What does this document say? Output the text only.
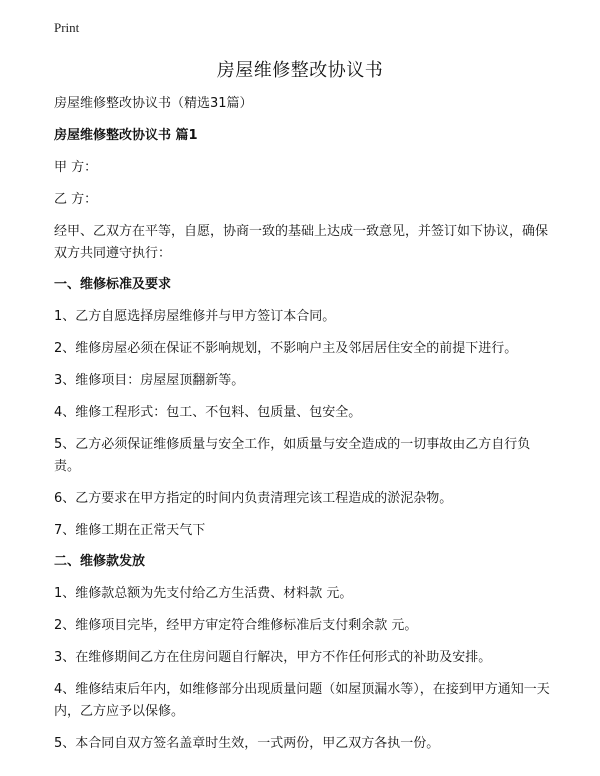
Print
房屋维修整改协议书

房屋维修整改协议书（精选31篇）

房屋维修整改协议书 篇1

甲 方：

乙 方：

经甲、乙双方在平等，自愿，协商一致的基础上达成一致意见，并签订如下协议，确保双方共同遵守执行：

一、维修标准及要求

1、乙方自愿选择房屋维修并与甲方签订本合同。

2、维修房屋必须在保证不影响规划，不影响户主及邻居居住安全的前提下进行。

3、维修项目：房屋屋顶翻新等。

4、维修工程形式：包工、不包料、包质量、包安全。

5、乙方必须保证维修质量与安全工作，如质量与安全造成的一切事故由乙方自行负责。

6、乙方要求在甲方指定的时间内负责清理完该工程造成的淤泥杂物。

7、维修工期在正常天气下

二、维修款发放

1、维修款总额为先支付给乙方生活费、材料款 元。

2、维修项目完毕，经甲方审定符合维修标准后支付剩余款 元。

3、在维修期间乙方在住房问题自行解决，甲方不作任何形式的补助及安排。

4、维修结束后年内，如维修部分出现质量问题（如屋顶漏水等），在接到甲方通知一天内，乙方应予以保修。

5、本合同自双方签名盖章时生效，一式两份，甲乙双方各执一份。
